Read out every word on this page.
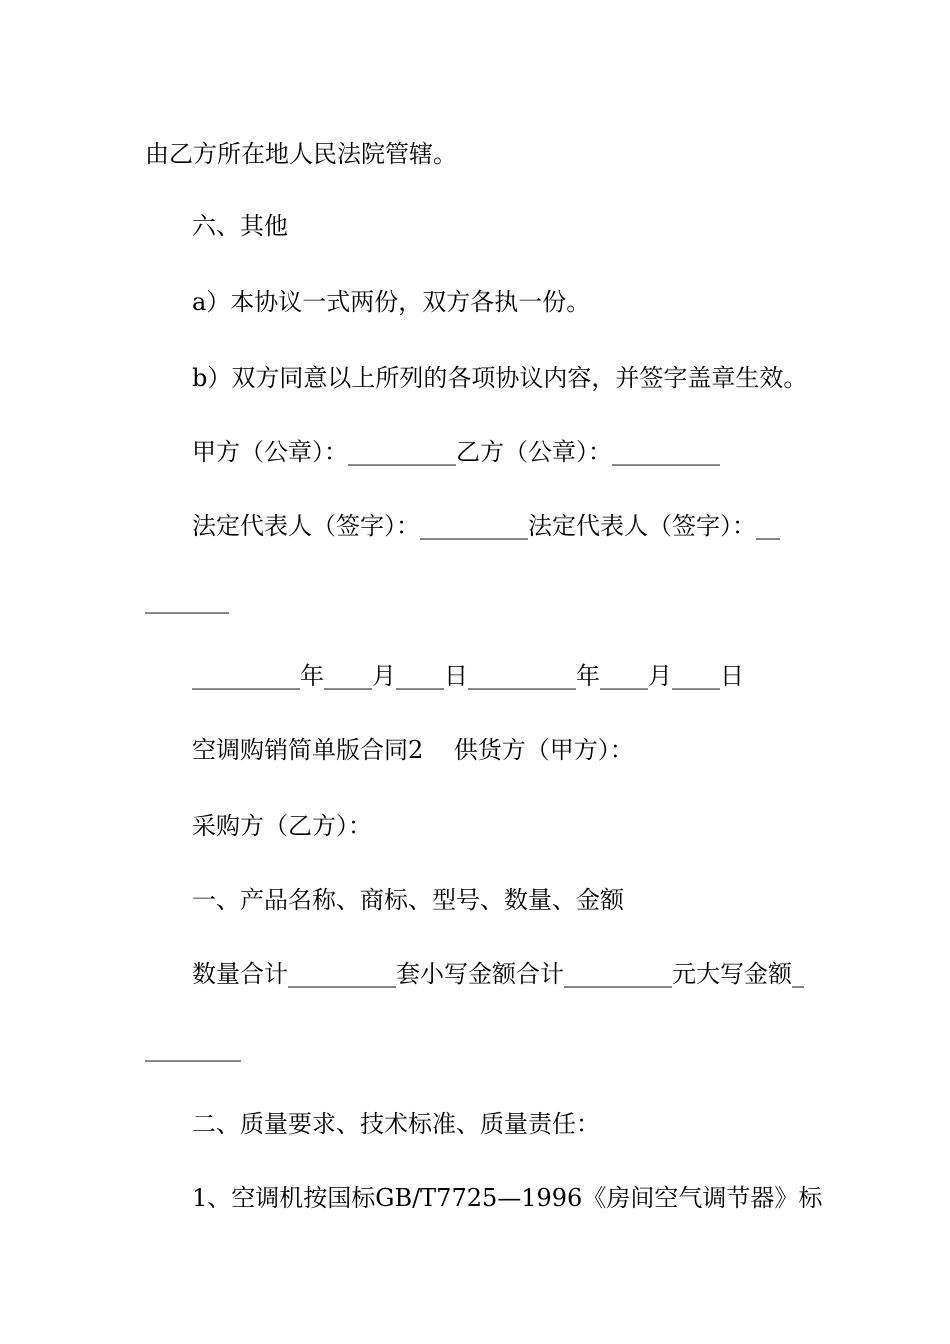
由乙方所在地人民法院管辖。
六、其他
a）本协议一式两份，双方各执一份。
b）双方同意以上所列的各项协议内容，并签字盖章生效。
甲方（公章）：_________乙方（公章）：_________
法定代表人（签字）：_________法定代表人（签字）：__
_______
_________年____月____日_________年____月____日
空调购销简单版合同2    供货方（甲方）：
采购方（乙方）：
一、产品名称、商标、型号、数量、金额
数量合计_________套小写金额合计_________元大写金额_
________
二、质量要求、技术标准、质量责任：
1、空调机按国标GB/T7725—1996《房间空气调节器》标
